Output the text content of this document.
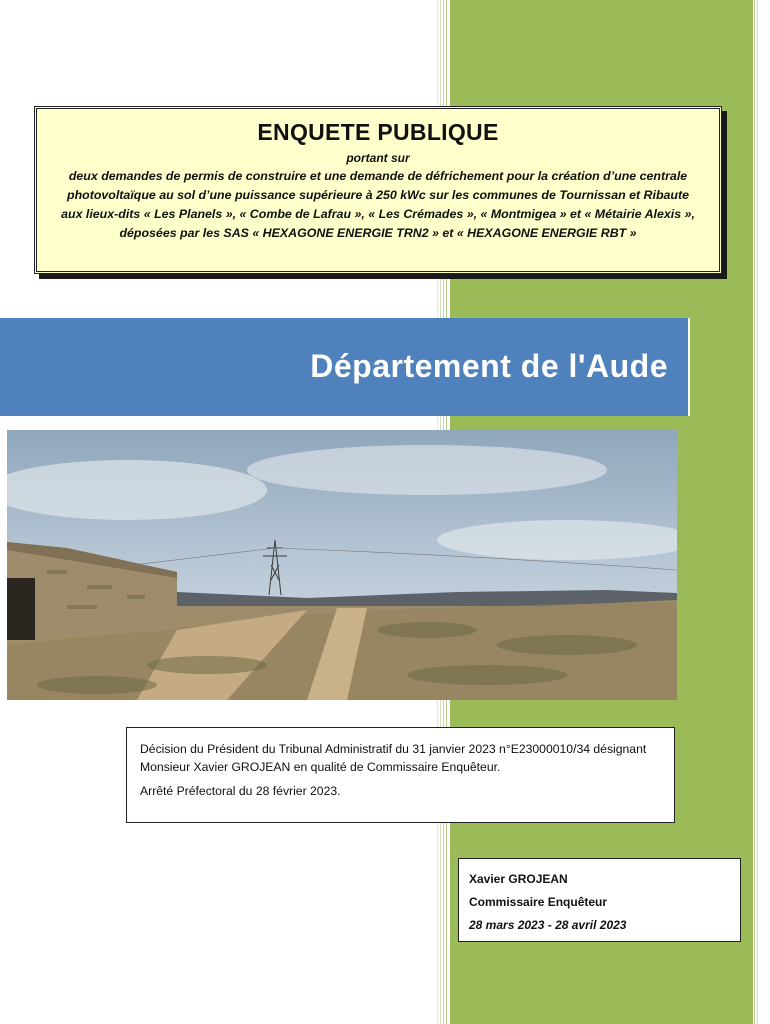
ENQUETE PUBLIQUE
portant sur
deux demandes de permis de construire et une demande de défrichement pour la création d’une centrale photovoltaïque au sol d’une puissance supérieure à 250 kWc sur les communes de Tournissan et Ribaute aux lieux-dits « Les Planels », « Combe de Lafrau », « Les Crémades », « Montmigea » et « Métairie Alexis », déposées par les SAS « HEXAGONE ENERGIE TRN2 » et « HEXAGONE ENERGIE RBT »
Département de l'Aude

Décision du Président du Tribunal Administratif du 31 janvier 2023 n°E23000010/34 désignant Monsieur Xavier GROJEAN en qualité de Commissaire Enquêteur.

Arrêté Préfectoral du 28 février 2023.

Xavier GROJEAN
Commissaire Enquêteur
28 mars 2023 - 28 avril 2023
